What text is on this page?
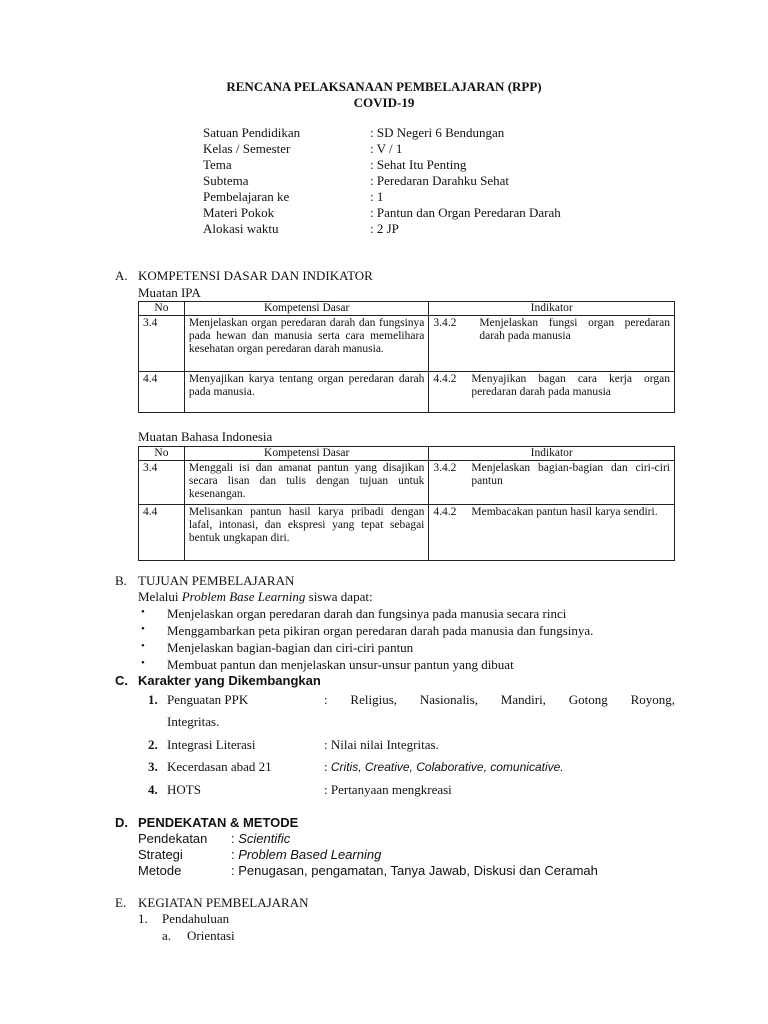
RENCANA PELAKSANAAN PEMBELAJARAN (RPP)
COVID-19
Satuan Pendidikan	: SD Negeri 6 Bendungan
Kelas / Semester	: V / 1
Tema	: Sehat Itu Penting
Subtema	: Peredaran Darahku Sehat
Pembelajaran ke	: 1
Materi Pokok	: Pantun dan Organ Peredaran Darah
Alokasi waktu	: 2 JP
A. KOMPETENSI DASAR DAN INDIKATOR
Muatan IPA
No	Kompetensi Dasar	Indikator
3.4	Menjelaskan organ peredaran darah dan fungsinya pada hewan dan manusia serta cara memelihara kesehatan organ peredaran darah manusia.	3.4.2 Menjelaskan fungsi organ peredaran darah pada manusia

4.4	Menyajikan karya tentang organ peredaran darah pada manusia.	4.4.2 Menyajikan bagan cara kerja organ peredaran darah pada manusia
Muatan Bahasa Indonesia
No	Kompetensi Dasar	Indikator
3.4	Menggali isi dan amanat pantun yang disajikan secara lisan dan tulis dengan tujuan untuk kesenangan.	3.4.2 Menjelaskan bagian-bagian dan ciri-ciri pantun

4.4	Melisankan pantun hasil karya pribadi dengan lafal, intonasi, dan ekspresi yang tepat sebagai bentuk ungkapan diri.	4.4.2 Membacakan pantun hasil karya sendiri.
B. TUJUAN PEMBELAJARAN
Melalui Problem Base Learning siswa dapat:
• Menjelaskan organ peredaran darah dan fungsinya pada manusia secara rinci
• Menggambarkan peta pikiran organ peredaran darah pada manusia dan fungsinya.
• Menjelaskan bagian-bagian dan ciri-ciri pantun
• Membuat pantun dan menjelaskan unsur-unsur pantun yang dibuat
C. Karakter yang Dikembangkan
1. Penguatan PPK	: Religius, Nasionalis, Mandiri, Gotong Royong,
Integritas.
2. Integrasi Literasi	: Nilai nilai Integritas.
3. Kecerdasan abad 21	: Critis, Creative, Colaborative, comunicative.
4. HOTS	: Pertanyaan mengkreasi
D. PENDEKATAN & METODE
Pendekatan : Scientific
Strategi	: Problem Based Learning
Metode	: Penugasan, pengamatan, Tanya Jawab, Diskusi dan Ceramah
E. KEGIATAN PEMBELAJARAN
1. Pendahuluan
a. Orientasi
